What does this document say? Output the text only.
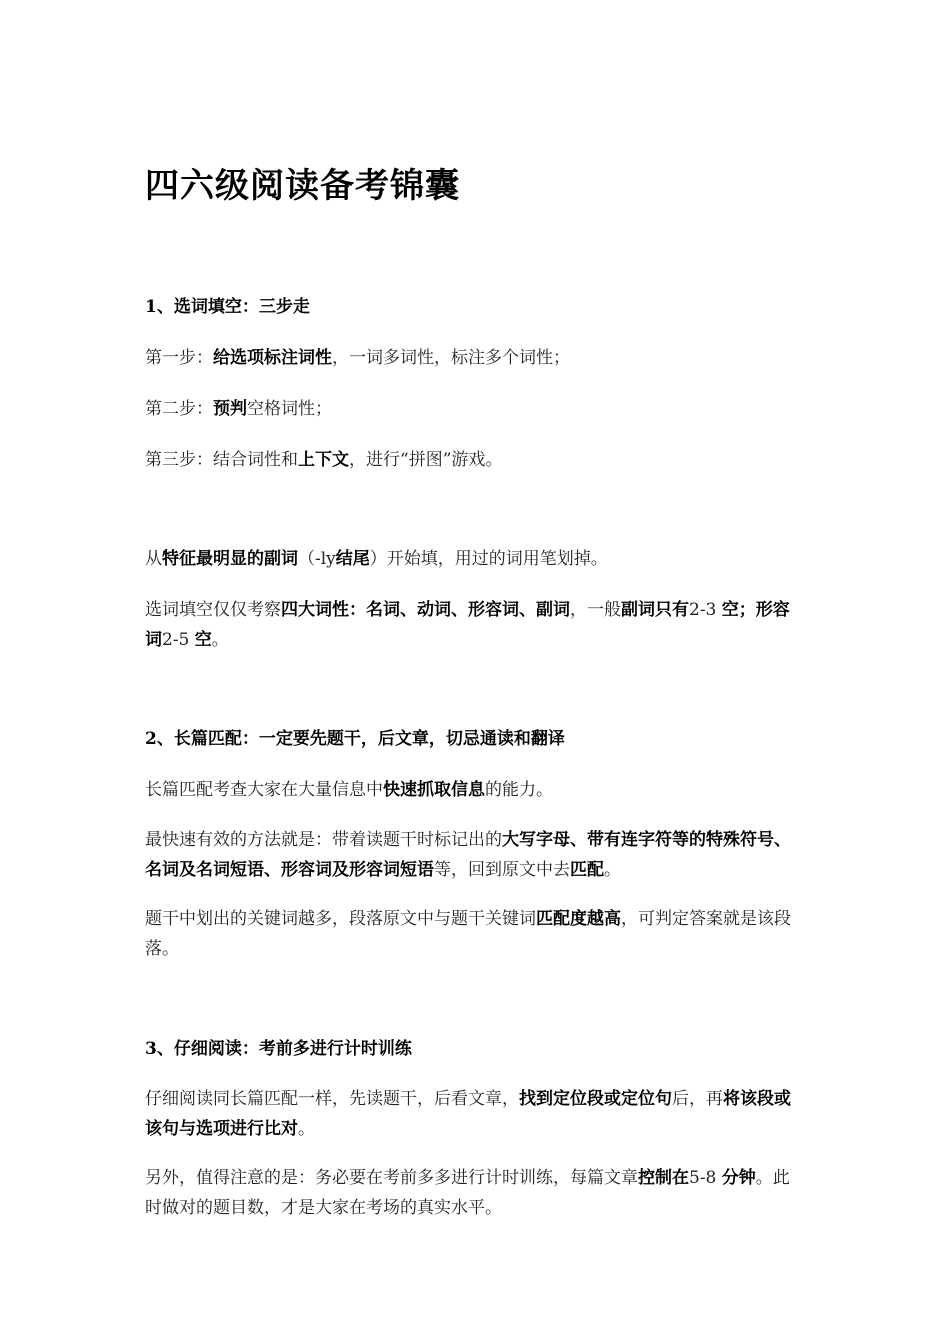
四六级阅读备考锦囊

1、选词填空：三步走

第一步：给选项标注词性，一词多词性，标注多个词性；

第二步：预判空格词性；

第三步：结合词性和上下文，进行“拼图”游戏。

从特征最明显的副词（-ly结尾）开始填，用过的词用笔划掉。

选词填空仅仅考察四大词性：名词、动词、形容词、副词，一般副词只有2-3 空；形容词2-5 空。

2、长篇匹配：一定要先题干，后文章，切忌通读和翻译

长篇匹配考查大家在大量信息中快速抓取信息的能力。

最快速有效的方法就是：带着读题干时标记出的大写字母、带有连字符等的特殊符号、名词及名词短语、形容词及形容词短语等，回到原文中去匹配。

题干中划出的关键词越多，段落原文中与题干关键词匹配度越高，可判定答案就是该段落。

3、仔细阅读：考前多进行计时训练

仔细阅读同长篇匹配一样，先读题干，后看文章，找到定位段或定位句后，再将该段或该句与选项进行比对。

另外，值得注意的是：务必要在考前多多进行计时训练，每篇文章控制在5-8 分钟。此时做对的题目数，才是大家在考场的真实水平。
